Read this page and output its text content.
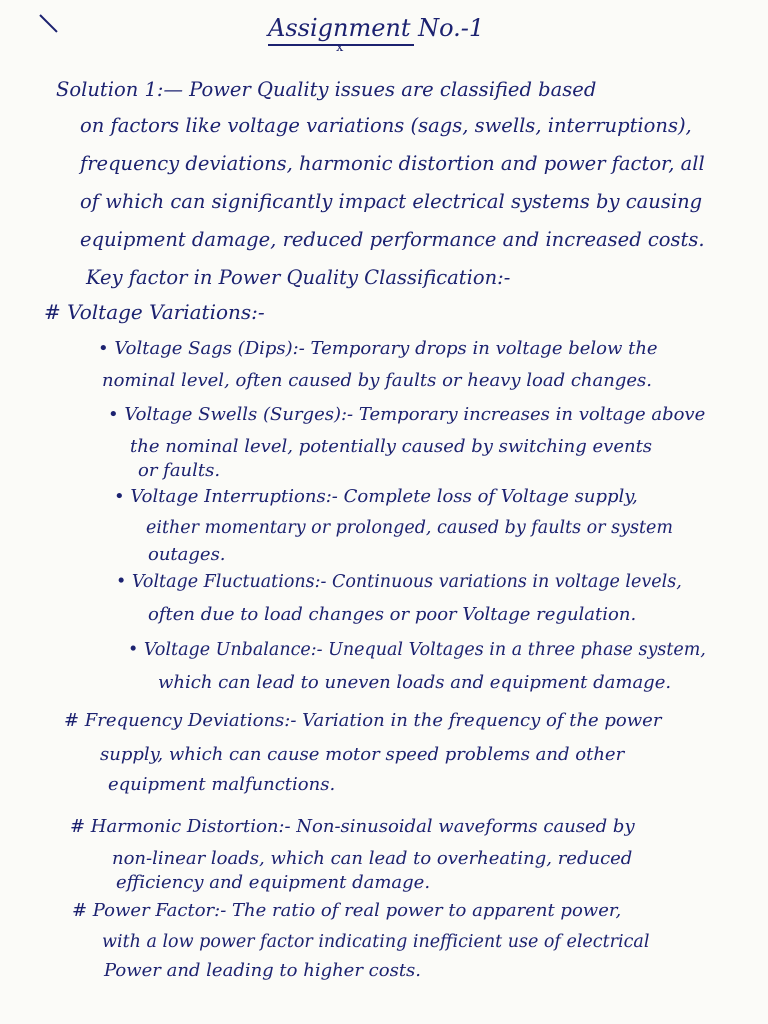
Assignment No.-1
x
Solution 1:— Power Quality issues are classified based
on factors like voltage variations (sags, swells, interruptions),
frequency deviations, harmonic distortion and power factor, all
of which can significantly impact electrical systems by causing
equipment damage, reduced performance and increased costs.
Key factor in Power Quality Classification:-
# Voltage Variations:-
• Voltage Sags (Dips):- Temporary drops in voltage below the
nominal level, often caused by faults or heavy load changes.
• Voltage Swells (Surges):- Temporary increases in voltage above
the nominal level, potentially caused by switching events
or faults.
• Voltage Interruptions:- Complete loss of Voltage supply,
either momentary or prolonged, caused by faults or system
outages.
• Voltage Fluctuations:- Continuous variations in voltage levels,
often due to load changes or poor Voltage regulation.
• Voltage Unbalance:- Unequal Voltages in a three phase system,
which can lead to uneven loads and equipment damage.
# Frequency Deviations:- Variation in the frequency of the power
supply, which can cause motor speed problems and other
equipment malfunctions.
# Harmonic Distortion:- Non-sinusoidal waveforms caused by
non-linear loads, which can lead to overheating, reduced
efficiency and equipment damage.
# Power Factor:- The ratio of real power to apparent power,
with a low power factor indicating inefficient use of electrical
Power and leading to higher costs.
